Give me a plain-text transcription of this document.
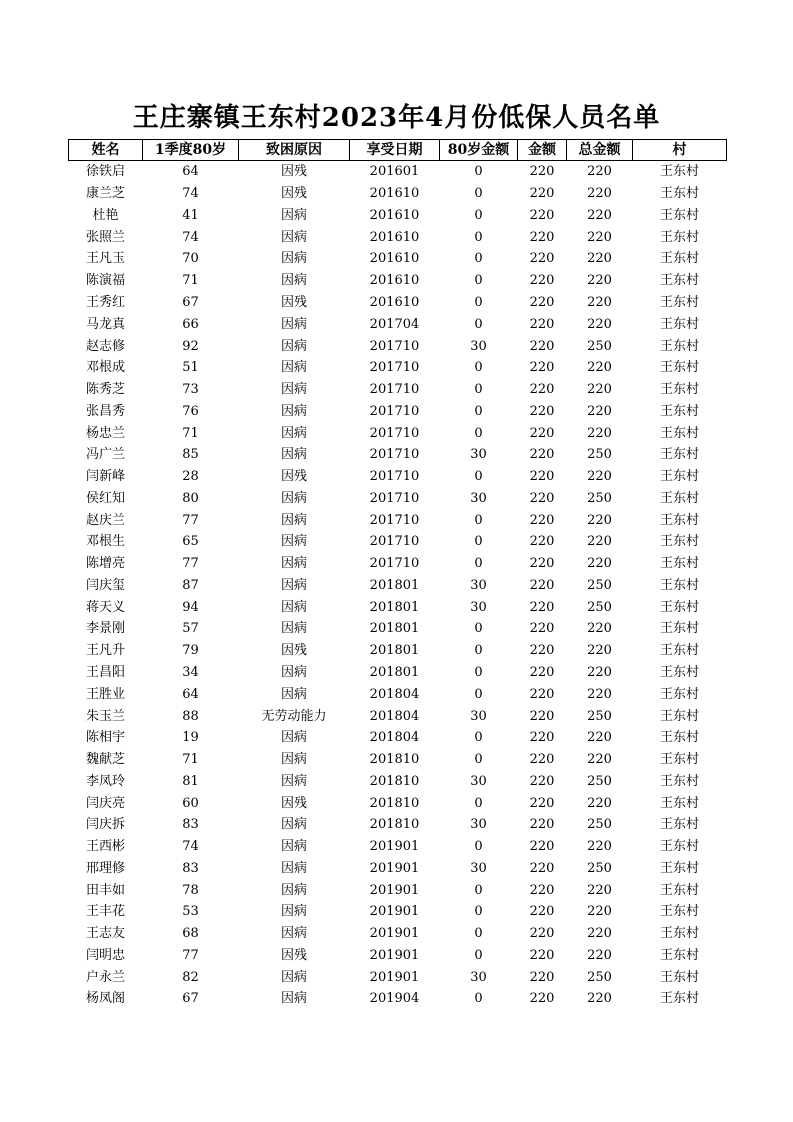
王庄寨镇王东村2023年4月份低保人员名单
姓名	1季度80岁	致困原因	享受日期	80岁金额	金额	总金额	村
徐铁启	64	因残	201601	0	220	220	王东村
康兰芝	74	因残	201610	0	220	220	王东村
杜艳	41	因病	201610	0	220	220	王东村
张照兰	74	因病	201610	0	220	220	王东村
王凡玉	70	因病	201610	0	220	220	王东村
陈演福	71	因病	201610	0	220	220	王东村
王秀红	67	因残	201610	0	220	220	王东村
马龙真	66	因病	201704	0	220	220	王东村
赵志修	92	因病	201710	30	220	250	王东村
邓根成	51	因病	201710	0	220	220	王东村
陈秀芝	73	因病	201710	0	220	220	王东村
张昌秀	76	因病	201710	0	220	220	王东村
杨忠兰	71	因病	201710	0	220	220	王东村
冯广兰	85	因病	201710	30	220	250	王东村
闫新峰	28	因残	201710	0	220	220	王东村
侯红知	80	因病	201710	30	220	250	王东村
赵庆兰	77	因病	201710	0	220	220	王东村
邓根生	65	因病	201710	0	220	220	王东村
陈增亮	77	因病	201710	0	220	220	王东村
闫庆玺	87	因病	201801	30	220	250	王东村
蒋天义	94	因病	201801	30	220	250	王东村
李景刚	57	因病	201801	0	220	220	王东村
王凡升	79	因残	201801	0	220	220	王东村
王昌阳	34	因病	201801	0	220	220	王东村
王胜业	64	因病	201804	0	220	220	王东村
朱玉兰	88	无劳动能力	201804	30	220	250	王东村
陈相宇	19	因病	201804	0	220	220	王东村
魏献芝	71	因病	201810	0	220	220	王东村
李凤玲	81	因病	201810	30	220	250	王东村
闫庆亮	60	因残	201810	0	220	220	王东村
闫庆拆	83	因病	201810	30	220	250	王东村
王西彬	74	因病	201901	0	220	220	王东村
邢理修	83	因病	201901	30	220	250	王东村
田丰如	78	因病	201901	0	220	220	王东村
王丰花	53	因病	201901	0	220	220	王东村
王志友	68	因病	201901	0	220	220	王东村
闫明忠	77	因残	201901	0	220	220	王东村
户永兰	82	因病	201901	30	220	250	王东村
杨凤阁	67	因病	201904	0	220	220	王东村
